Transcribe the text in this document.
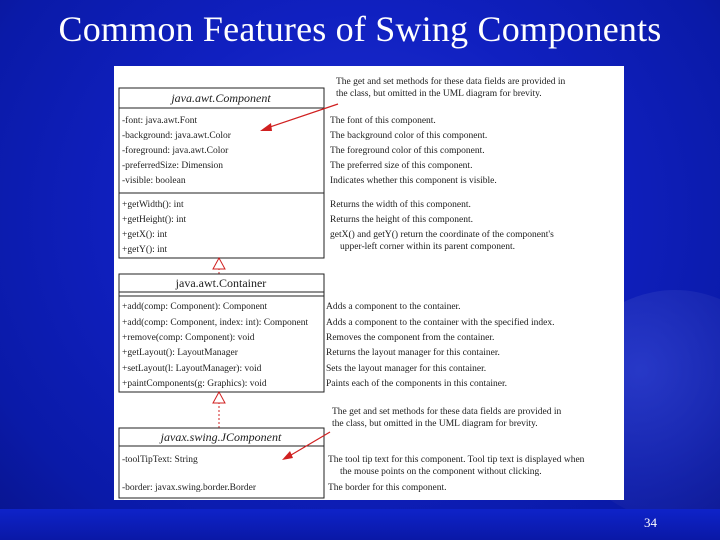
Common Features of Swing Components
The get and set methods for these data fields are provided in
the class, but omitted in the UML diagram for brevity.
java.awt.Component
-font: java.awt.Font
-background: java.awt.Color
-foreground: java.awt.Color
-preferredSize: Dimension
-visible: boolean
+getWidth(): int
+getHeight(): int
+getX(): int
+getY(): int
The font of this component.
The background color of this component.
The foreground color of this component.
The preferred size of this component.
Indicates whether this component is visible.
Returns the width of this component.
Returns the height of this component.
getX() and getY() return the coordinate of the component's
upper-left corner within its parent component.
java.awt.Container
+add(comp: Component): Component
+add(comp: Component, index: int): Component
+remove(comp: Component): void
+getLayout(): LayoutManager
+setLayout(l: LayoutManager): void
+paintComponents(g: Graphics): void
Adds a component to the container.
Adds a component to the container with the specified index.
Removes the component from the container.
Returns the layout manager for this container.
Sets the layout manager for this container.
Paints each of the components in this container.
The get and set methods for these data fields are provided in
the class, but omitted in the UML diagram for brevity.
javax.swing.JComponent
-toolTipText: String
-border: javax.swing.border.Border
The tool tip text for this component. Tool tip text is displayed when
the mouse points on the component without clicking.
The border for this component.
34
